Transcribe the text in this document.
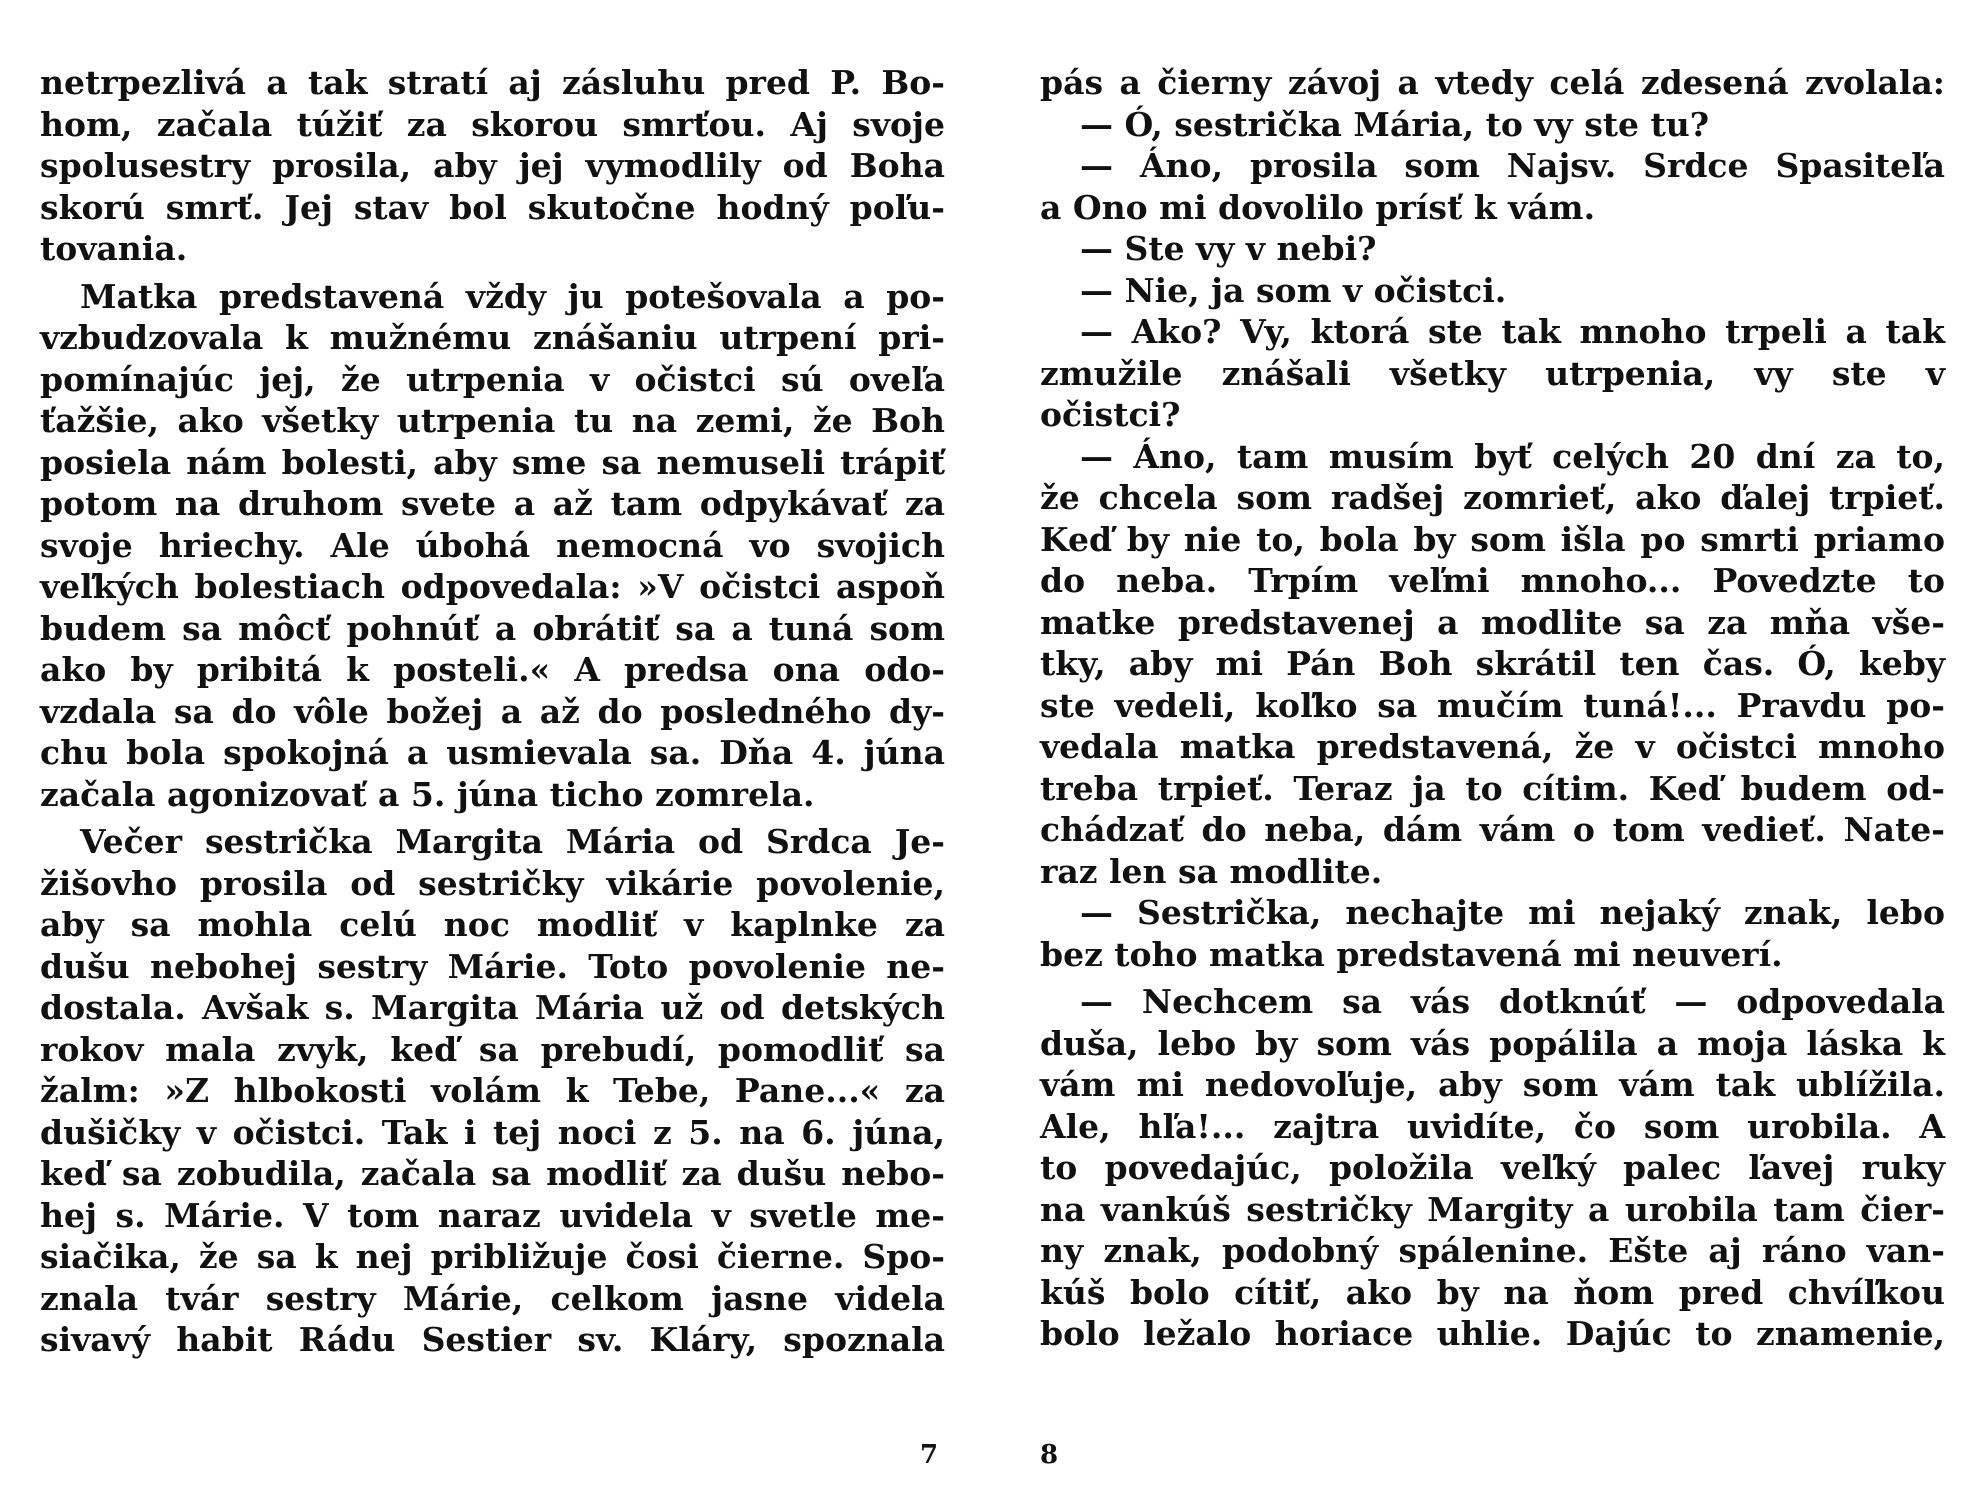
netrpezlivá a tak stratí aj zásluhu pred P. Bo-
hom, začala túžiť za skorou smrťou. Aj svoje
spolusestry prosila, aby jej vymodlily od Boha
skorú smrť. Jej stav bol skutočne hodný poľu-
tovania.
Matka predstavená vždy ju potešovala a po-
vzbudzovala k mužnému znášaniu utrpení pri-
pomínajúc jej, že utrpenia v očistci sú oveľa
ťažšie, ako všetky utrpenia tu na zemi, že Boh
posiela nám bolesti, aby sme sa nemuseli trápiť
potom na druhom svete a až tam odpykávať za
svoje hriechy. Ale úbohá nemocná vo svojich
veľkých bolestiach odpovedala: »V očistci aspoň
budem sa môcť pohnúť a obrátiť sa a tuná som
ako by pribitá k posteli.« A predsa ona odo-
vzdala sa do vôle božej a až do posledného dy-
chu bola spokojná a usmievala sa. Dňa 4. júna
začala agonizovať a 5. júna ticho zomrela.
Večer sestrička Margita Mária od Srdca Je-
žišovho prosila od sestričky vikárie povolenie,
aby sa mohla celú noc modliť v kaplnke za
dušu nebohej sestry Márie. Toto povolenie ne-
dostala. Avšak s. Margita Mária už od detských
rokov mala zvyk, keď sa prebudí, pomodliť sa
žalm: »Z hlbokosti volám k Tebe, Pane...« za
dušičky v očistci. Tak i tej noci z 5. na 6. júna,
keď sa zobudila, začala sa modliť za dušu nebo-
hej s. Márie. V tom naraz uvidela v svetle me-
siačika, že sa k nej približuje čosi čierne. Spo-
znala tvár sestry Márie, celkom jasne videla
sivavý habit Rádu Sestier sv. Kláry, spoznala
pás a čierny závoj a vtedy celá zdesená zvolala:
— Ó, sestrička Mária, to vy ste tu?
— Áno, prosila som Najsv. Srdce Spasiteľa
a Ono mi dovolilo prísť k vám.
— Ste vy v nebi?
— Nie, ja som v očistci.
— Ako? Vy, ktorá ste tak mnoho trpeli a tak
zmužile znášali všetky utrpenia, vy ste v
očistci?
— Áno, tam musím byť celých 20 dní za to,
že chcela som radšej zomrieť, ako ďalej trpieť.
Keď by nie to, bola by som išla po smrti priamo
do neba. Trpím veľmi mnoho... Povedzte to
matke predstavenej a modlite sa za mňa vše-
tky, aby mi Pán Boh skrátil ten čas. Ó, keby
ste vedeli, koľko sa mučím tuná!... Pravdu po-
vedala matka predstavená, že v očistci mnoho
treba trpieť. Teraz ja to cítim. Keď budem od-
chádzať do neba, dám vám o tom vedieť. Nate-
raz len sa modlite.
— Sestrička, nechajte mi nejaký znak, lebo
bez toho matka predstavená mi neuverí.
— Nechcem sa vás dotknúť — odpovedala
duša, lebo by som vás popálila a moja láska k
vám mi nedovoľuje, aby som vám tak ublížila.
Ale, hľa!... zajtra uvidíte, čo som urobila. A
to povedajúc, položila veľký palec ľavej ruky
na vankúš sestričky Margity a urobila tam čier-
ny znak, podobný spálenine. Ešte aj ráno van-
kúš bolo cítiť, ako by na ňom pred chvíľkou
bolo ležalo horiace uhlie. Dajúc to znamenie,
7	8
